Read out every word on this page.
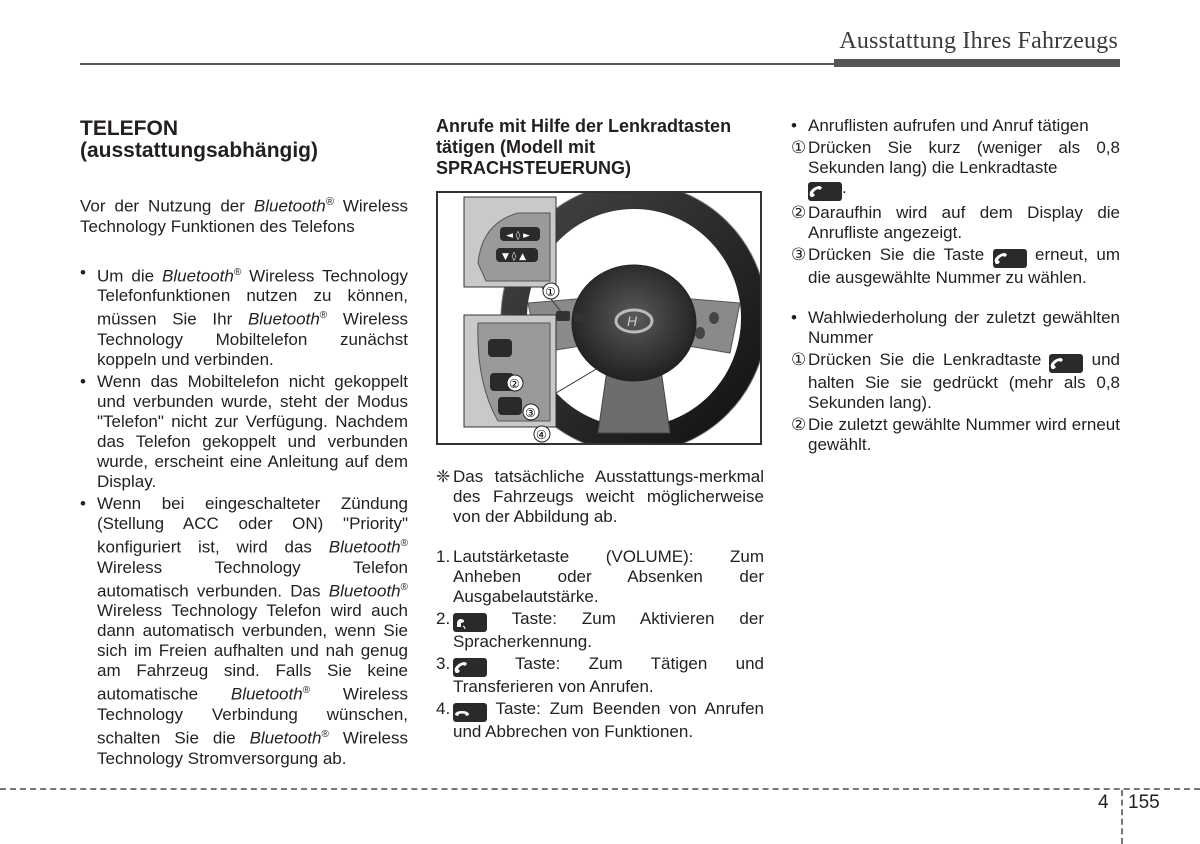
Ausstattung Ihres Fahrzeugs
TELEFON (ausstattungsabhängig)
Vor der Nutzung der Bluetooth® Wireless Technology Funktionen des Telefons
• Um die Bluetooth® Wireless Technology Telefonfunktionen nutzen zu können, müssen Sie Ihr Bluetooth® Wireless Technology Mobiltelefon zunächst koppeln und verbinden.
• Wenn das Mobiltelefon nicht gekoppelt und verbunden wurde, steht der Modus "Telefon" nicht zur Verfügung. Nachdem das Telefon gekoppelt und verbunden wurde, erscheint eine Anleitung auf dem Display.
• Wenn bei eingeschalteter Zündung (Stellung ACC oder ON) "Priority" konfiguriert ist, wird das Bluetooth® Wireless Technology Telefon automatisch verbunden. Das Bluetooth® Wireless Technology Telefon wird auch dann automatisch verbunden, wenn Sie sich im Freien aufhalten und nah genug am Fahrzeug sind. Falls Sie keine automatische Bluetooth® Wireless Technology Verbindung wünschen, schalten Sie die Bluetooth® Wireless Technology Stromversorgung ab.
Anrufe mit Hilfe der Lenkradtasten tätigen (Modell mit SPRACHSTEUERUNG)
H
◄ ◊ ►
▼ ◊ ▲
①
②
③
④
❈ Das tatsächliche Ausstattungs-merkmal des Fahrzeugs weicht möglicherweise von der Abbildung ab.
1. Lautstärketaste (VOLUME): Zum Anheben oder Absenken der Ausgabelautstärke.
2. Taste: Zum Aktivieren der Spracherkennung.
3. Taste: Zum Tätigen und Transferieren von Anrufen.
4. Taste: Zum Beenden von Anrufen und Abbrechen von Funktionen.
• Anruflisten aufrufen und Anruf tätigen
① Drücken Sie kurz (weniger als 0,8 Sekunden lang) die Lenkradtaste
.
② Daraufhin wird auf dem Display die Anrufliste angezeigt.
③ Drücken Sie die Taste  erneut, um die ausgewählte Nummer zu wählen.
• Wahlwiederholung der zuletzt gewählten Nummer
① Drücken Sie die Lenkradtaste  und halten Sie sie gedrückt (mehr als 0,8 Sekunden lang).
② Die zuletzt gewählte Nummer wird erneut gewählt.
4 155
